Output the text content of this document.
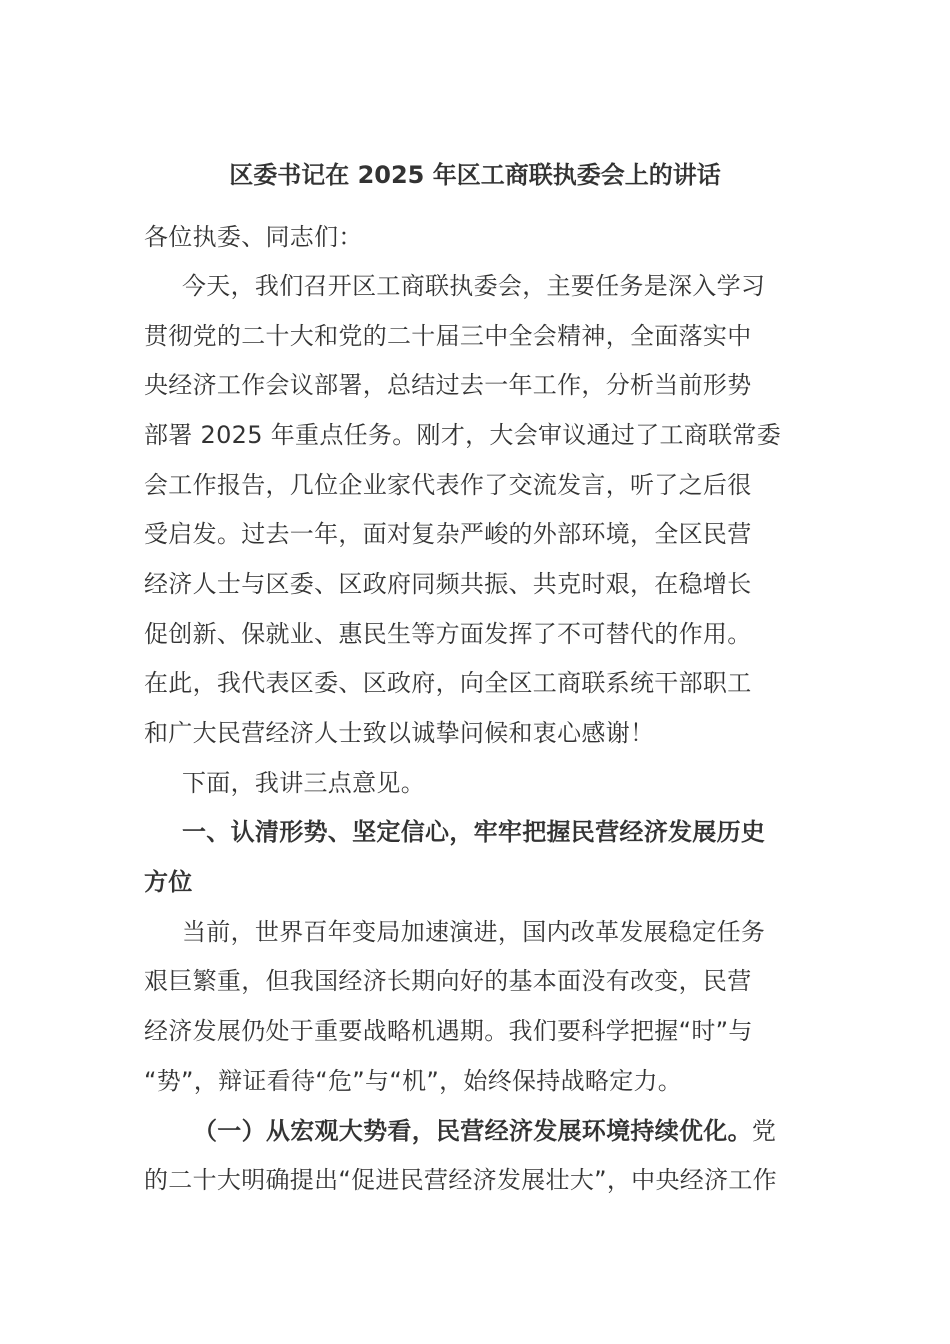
区委书记在 2025 年区工商联执委会上的讲话
各位执委、同志们：
今天，我们召开区工商联执委会，主要任务是深入学习
贯彻党的二十大和党的二十届三中全会精神，全面落实中
央经济工作会议部署，总结过去一年工作，分析当前形势
部署 2025 年重点任务。刚才，大会审议通过了工商联常委
会工作报告，几位企业家代表作了交流发言，听了之后很
受启发。过去一年，面对复杂严峻的外部环境，全区民营
经济人士与区委、区政府同频共振、共克时艰，在稳增长
促创新、保就业、惠民生等方面发挥了不可替代的作用。
在此，我代表区委、区政府，向全区工商联系统干部职工
和广大民营经济人士致以诚挚问候和衷心感谢！
下面，我讲三点意见。
一、认清形势、坚定信心，牢牢把握民营经济发展历史
方位
当前，世界百年变局加速演进，国内改革发展稳定任务
艰巨繁重，但我国经济长期向好的基本面没有改变，民营
经济发展仍处于重要战略机遇期。我们要科学把握“时”与
“势”，辩证看待“危”与“机”，始终保持战略定力。
（一）从宏观大势看，民营经济发展环境持续优化。党
的二十大明确提出“促进民营经济发展壮大”，中央经济工作
